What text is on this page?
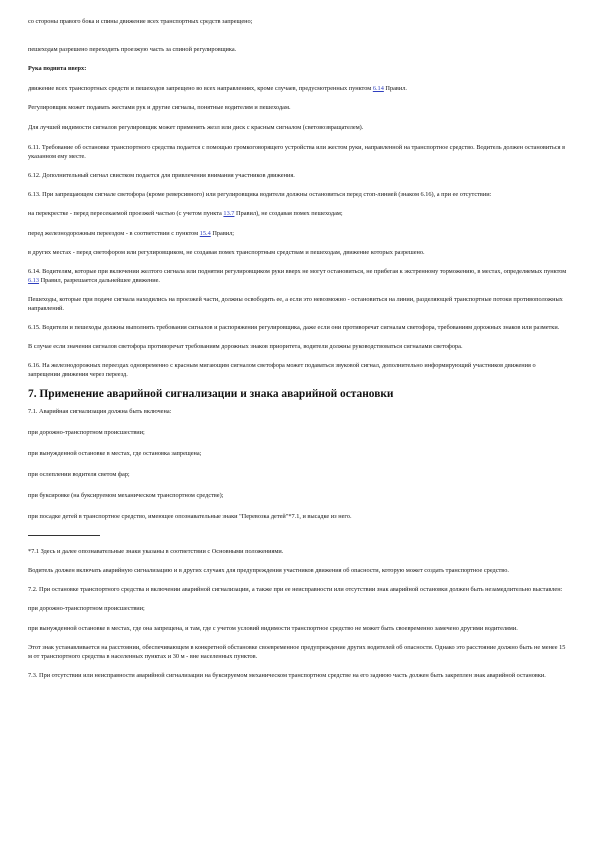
со стороны правого бока и спины движение всех транспортных средств запрещено;

пешеходам разрешено переходить проезжую часть за спиной регулировщика.

Рука поднята вверх:

движение всех транспортных средств и пешеходов запрещено во всех направлениях, кроме случаев, предусмотренных пунктом 6.14 Правил.

Регулировщик может подавать жестами рук и другие сигналы, понятные водителям и пешеходам.

Для лучшей видимости сигналов регулировщик может применять жезл или диск с красным сигналом (световозвращателем).

6.11. Требование об остановке транспортного средства подается с помощью громкоговорящего устройства или жестом руки, направленной на транспортное средство. Водитель должен остановиться в указанном ему месте.

6.12. Дополнительный сигнал свистком подается для привлечения внимания участников движения.

6.13. При запрещающем сигнале светофора (кроме реверсивного) или регулировщика водители должны остановиться перед стоп-линией (знаком 6.16), а при ее отсутствии:

на перекрестке - перед пересекаемой проезжей частью (с учетом пункта 13.7 Правил), не создавая помех пешеходам;

перед железнодорожным переездом - в соответствии с пунктом 15.4 Правил;

в других местах - перед светофором или регулировщиком, не создавая помех транспортным средствам и пешеходам, движение которых разрешено.

6.14. Водителям, которые при включении желтого сигнала или поднятии регулировщиком руки вверх не могут остановиться, не прибегая к экстренному торможению, в местах, определяемых пунктом 6.13 Правил, разрешается дальнейшее движение.

Пешеходы, которые при подаче сигнала находились на проезжей части, должны освободить ее, а если это невозможно - остановиться на линии, разделяющей транспортные потоки противоположных направлений.

6.15. Водители и пешеходы должны выполнять требования сигналов и распоряжения регулировщика, даже если они противоречат сигналам светофора, требованиям дорожных знаков или разметки.

В случае если значения сигналов светофора противоречат требованиям дорожных знаков приоритета, водители должны руководствоваться сигналами светофора.

6.16. На железнодорожных переездах одновременно с красным мигающим сигналом светофора может подаваться звуковой сигнал, дополнительно информирующий участников движения о запрещении движения через переезд.

7. Применение аварийной сигнализации и знака аварийной остановки

7.1. Аварийная сигнализация должна быть включена:

при дорожно-транспортном происшествии;

при вынужденной остановке в местах, где остановка запрещена;

при ослеплении водителя светом фар;

при буксировке (на буксируемом механическом транспортном средстве);

при посадке детей в транспортное средство, имеющее опознавательные знаки "Перевозка детей"*7.1, и высадке из него.

*7.1 Здесь и далее опознавательные знаки указаны в соответствии с Основными положениями.

Водитель должен включать аварийную сигнализацию и в других случаях для предупреждения участников движения об опасности, которую может создать транспортное средство.

7.2. При остановке транспортного средства и включении аварийной сигнализации, а также при ее неисправности или отсутствии знак аварийной остановки должен быть незамедлительно выставлен:

при дорожно-транспортном происшествии;

при вынужденной остановке в местах, где она запрещена, и там, где с учетом условий видимости транспортное средство не может быть своевременно замечено другими водителями.

Этот знак устанавливается на расстоянии, обеспечивающем в конкретной обстановке своевременное предупреждение других водителей об опасности. Однако это расстояние должно быть не менее 15 м от транспортного средства в населенных пунктах и 30 м - вне населенных пунктов.

7.3. При отсутствии или неисправности аварийной сигнализации на буксируемом механическом транспортном средстве на его заднюю часть должен быть закреплен знак аварийной остановки.
